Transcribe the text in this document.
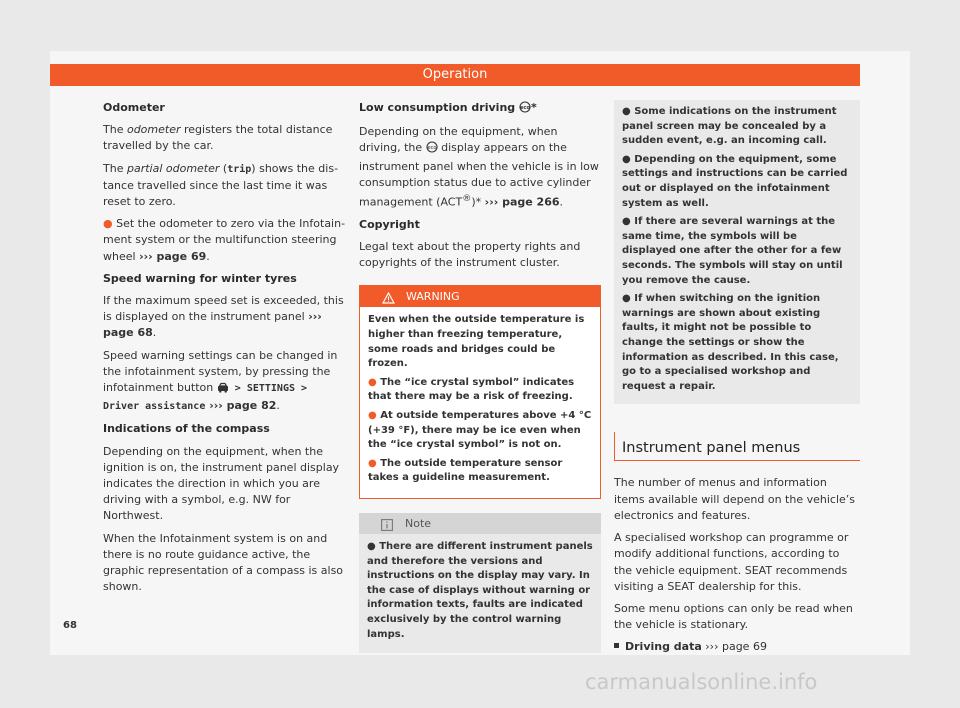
Operation

Odometer

The odometer registers the total distance travelled by the car.

The partial odometer (trip) shows the distance travelled since the last time it was reset to zero.

● Set the odometer to zero via the Infotainment system or the multifunction steering wheel ››› page 69.

Speed warning for winter tyres

If the maximum speed set is exceeded, this is displayed on the instrument panel ››› page 68.

Speed warning settings can be changed in the infotainment system, by pressing the infotainment button  > SETTINGS > Driver assistance ››› page 82.

Indications of the compass

Depending on the equipment, when the ignition is on, the instrument panel display indicates the direction in which you are driving with a symbol, e.g. NW for Northwest.

When the Infotainment system is on and there is no route guidance active, the graphic representation of a compass is also shown.

Low consumption driving eco *

Depending on the equipment, when driving, the eco display appears on the instrument panel when the vehicle is in low consumption status due to active cylinder management (ACT®)* ››› page 266.

Copyright

Legal text about the property rights and copyrights of the instrument cluster.

WARNING

Even when the outside temperature is higher than freezing temperature, some roads and bridges could be frozen.

● The “ice crystal symbol” indicates that there may be a risk of freezing.

● At outside temperatures above +4 °C (+39 °F), there may be ice even when the “ice crystal symbol” is not on.

● The outside temperature sensor takes a guideline measurement.

Note

● There are different instrument panels and therefore the versions and instructions on the display may vary. In the case of displays without warning or information texts, faults are indicated exclusively by the control warning lamps.

● Some indications on the instrument panel screen may be concealed by a sudden event, e.g. an incoming call.

● Depending on the equipment, some settings and instructions can be carried out or displayed on the infotainment system as well.

● If there are several warnings at the same time, the symbols will be displayed one after the other for a few seconds. The symbols will stay on until you remove the cause.

● If when switching on the ignition warnings are shown about existing faults, it might not be possible to change the settings or show the information as described. In this case, go to a specialised workshop and request a repair.

Instrument panel menus

The number of menus and information items available will depend on the vehicle’s electronics and features.

A specialised workshop can programme or modify additional functions, according to the vehicle equipment. SEAT recommends visiting a SEAT dealership for this.

Some menu options can only be read when the vehicle is stationary.

Driving data ››› page 69

68
carmanualsonline.info
